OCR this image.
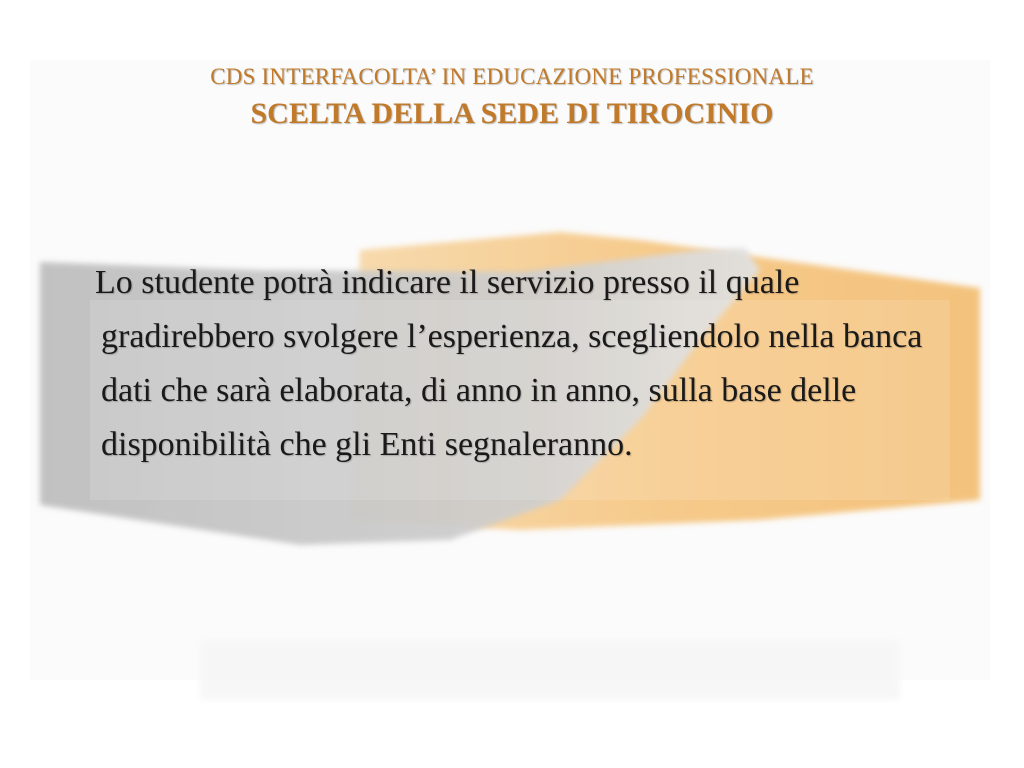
CDS INTERFACOLTA’ IN EDUCAZIONE PROFESSIONALE
SCELTA DELLA SEDE DI TIROCINIO
Lo studente potrà indicare il servizio presso il quale gradirebbero svolgere l’esperienza, scegliendolo nella banca dati che sarà elaborata, di anno in anno, sulla base delle disponibilità che gli Enti segnaleranno.
